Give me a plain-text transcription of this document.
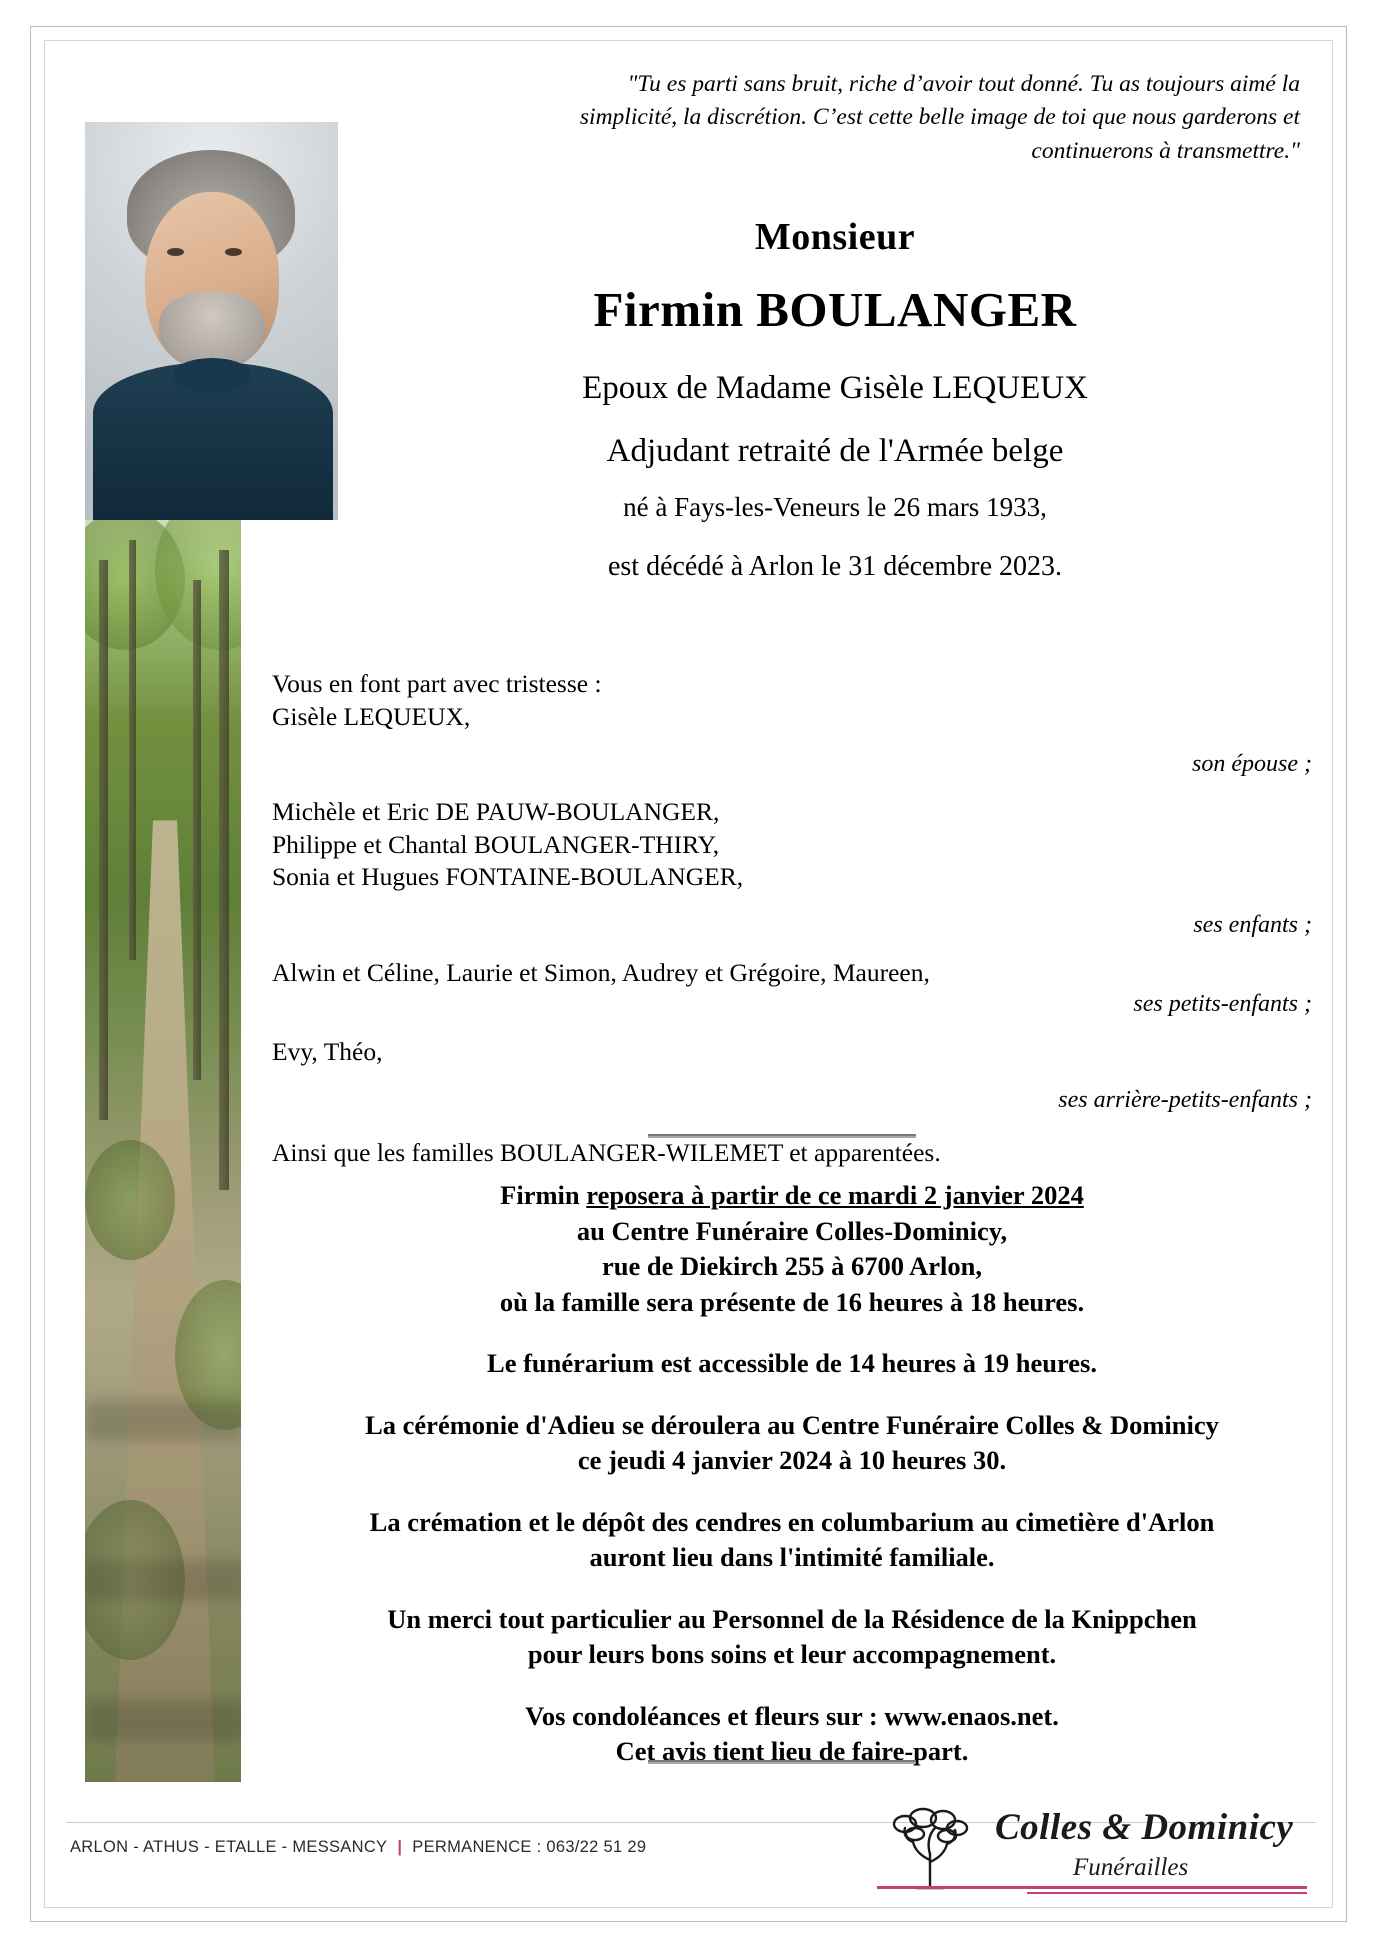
"Tu es parti sans bruit, riche d’avoir tout donné. Tu as toujours aimé la simplicité, la discrétion. C’est cette belle image de toi que nous garderons et continuerons à transmettre."
Monsieur
Firmin BOULANGER
Epoux de Madame Gisèle LEQUEUX
Adjudant retraité de l'Armée belge
né à Fays-les-Veneurs le 26 mars 1933,
est décédé à Arlon le 31 décembre 2023.
Vous en font part avec tristesse :
Gisèle LEQUEUX,
son épouse ;
Michèle et Eric DE PAUW-BOULANGER,
Philippe et Chantal BOULANGER-THIRY,
Sonia et Hugues FONTAINE-BOULANGER,
ses enfants ;
Alwin et Céline, Laurie et Simon, Audrey et Grégoire, Maureen,
ses petits-enfants ;
Evy, Théo,
ses arrière-petits-enfants ;
Ainsi que les familles BOULANGER-WILEMET et apparentées.

Firmin reposera à partir de ce mardi 2 janvier 2024
au Centre Funéraire Colles-Dominicy,
rue de Diekirch 255 à 6700 Arlon,
où la famille sera présente de 16 heures à 18 heures.

Le funérarium est accessible de 14 heures à 19 heures.

La cérémonie d'Adieu se déroulera au Centre Funéraire Colles & Dominicy
ce jeudi 4 janvier 2024 à 10 heures 30.

La crémation et le dépôt des cendres en columbarium au cimetière d'Arlon
auront lieu dans l'intimité familiale.

Un merci tout particulier au Personnel de la Résidence de la Knippchen
pour leurs bons soins et leur accompagnement.

Vos condoléances et fleurs sur : www.enaos.net.
Cet avis tient lieu de faire-part.

ARLON - ATHUS - ETALLE - MESSANCY | PERMANENCE : 063/22 51 29	Colles & Dominicy
Funérailles
